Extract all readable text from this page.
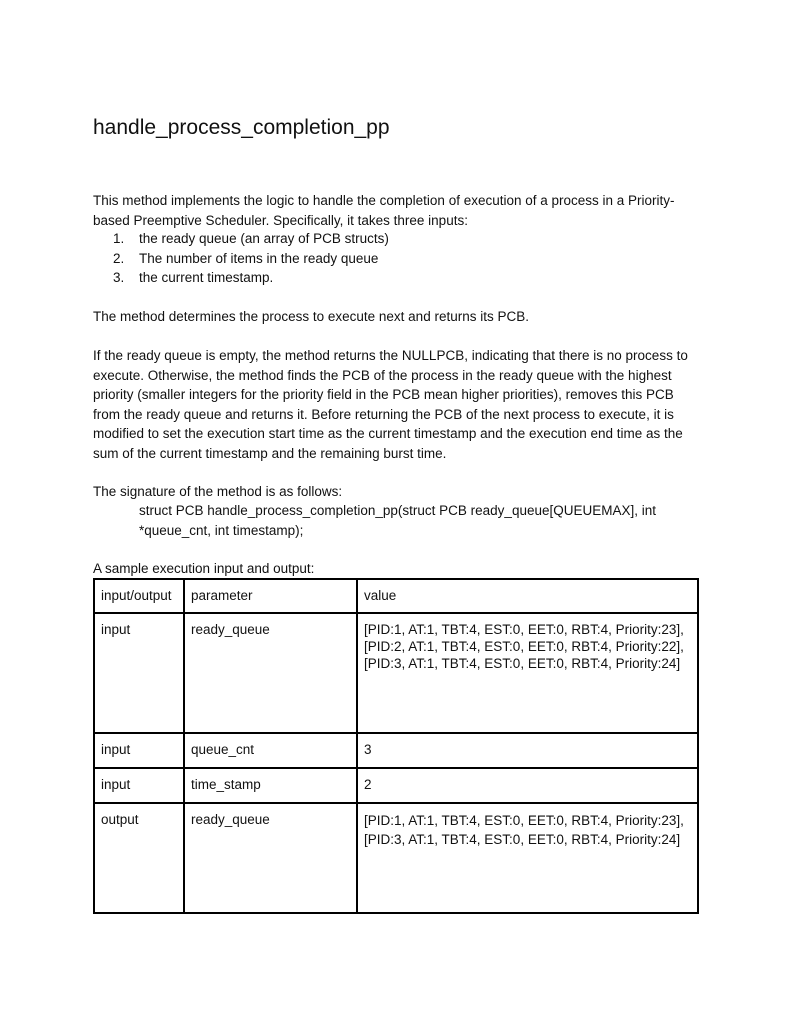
handle_process_completion_pp

This method implements the logic to handle the completion of execution of a process in a Priority-based Preemptive Scheduler. Specifically, it takes three inputs:

1.	the ready queue (an array of PCB structs)
2.	The number of items in the ready queue
3.	the current timestamp.

The method determines the process to execute next and returns its PCB.

If the ready queue is empty, the method returns the NULLPCB, indicating that there is no process to execute. Otherwise, the method finds the PCB of the process in the ready queue with the highest priority (smaller integers for the priority field in the PCB mean higher priorities), removes this PCB from the ready queue and returns it. Before returning the PCB of the next process to execute, it is modified to set the execution start time as the current timestamp and the execution end time as the sum of the current timestamp and the remaining burst time.

The signature of the method is as follows:

struct PCB handle_process_completion_pp(struct PCB ready_queue[QUEUEMAX], int *queue_cnt, int timestamp);

A sample execution input and output:

input/output	parameter	value
input	ready_queue	[PID:1, AT:1, TBT:4, EST:0, EET:0, RBT:4, Priority:23],
[PID:2, AT:1, TBT:4, EST:0, EET:0, RBT:4, Priority:22],
[PID:3, AT:1, TBT:4, EST:0, EET:0, RBT:4, Priority:24]

input	queue_cnt	3
input	time_stamp	2
output	ready_queue	[PID:1, AT:1, TBT:4, EST:0, EET:0, RBT:4, Priority:23],
[PID:3, AT:1, TBT:4, EST:0, EET:0, RBT:4, Priority:24]
